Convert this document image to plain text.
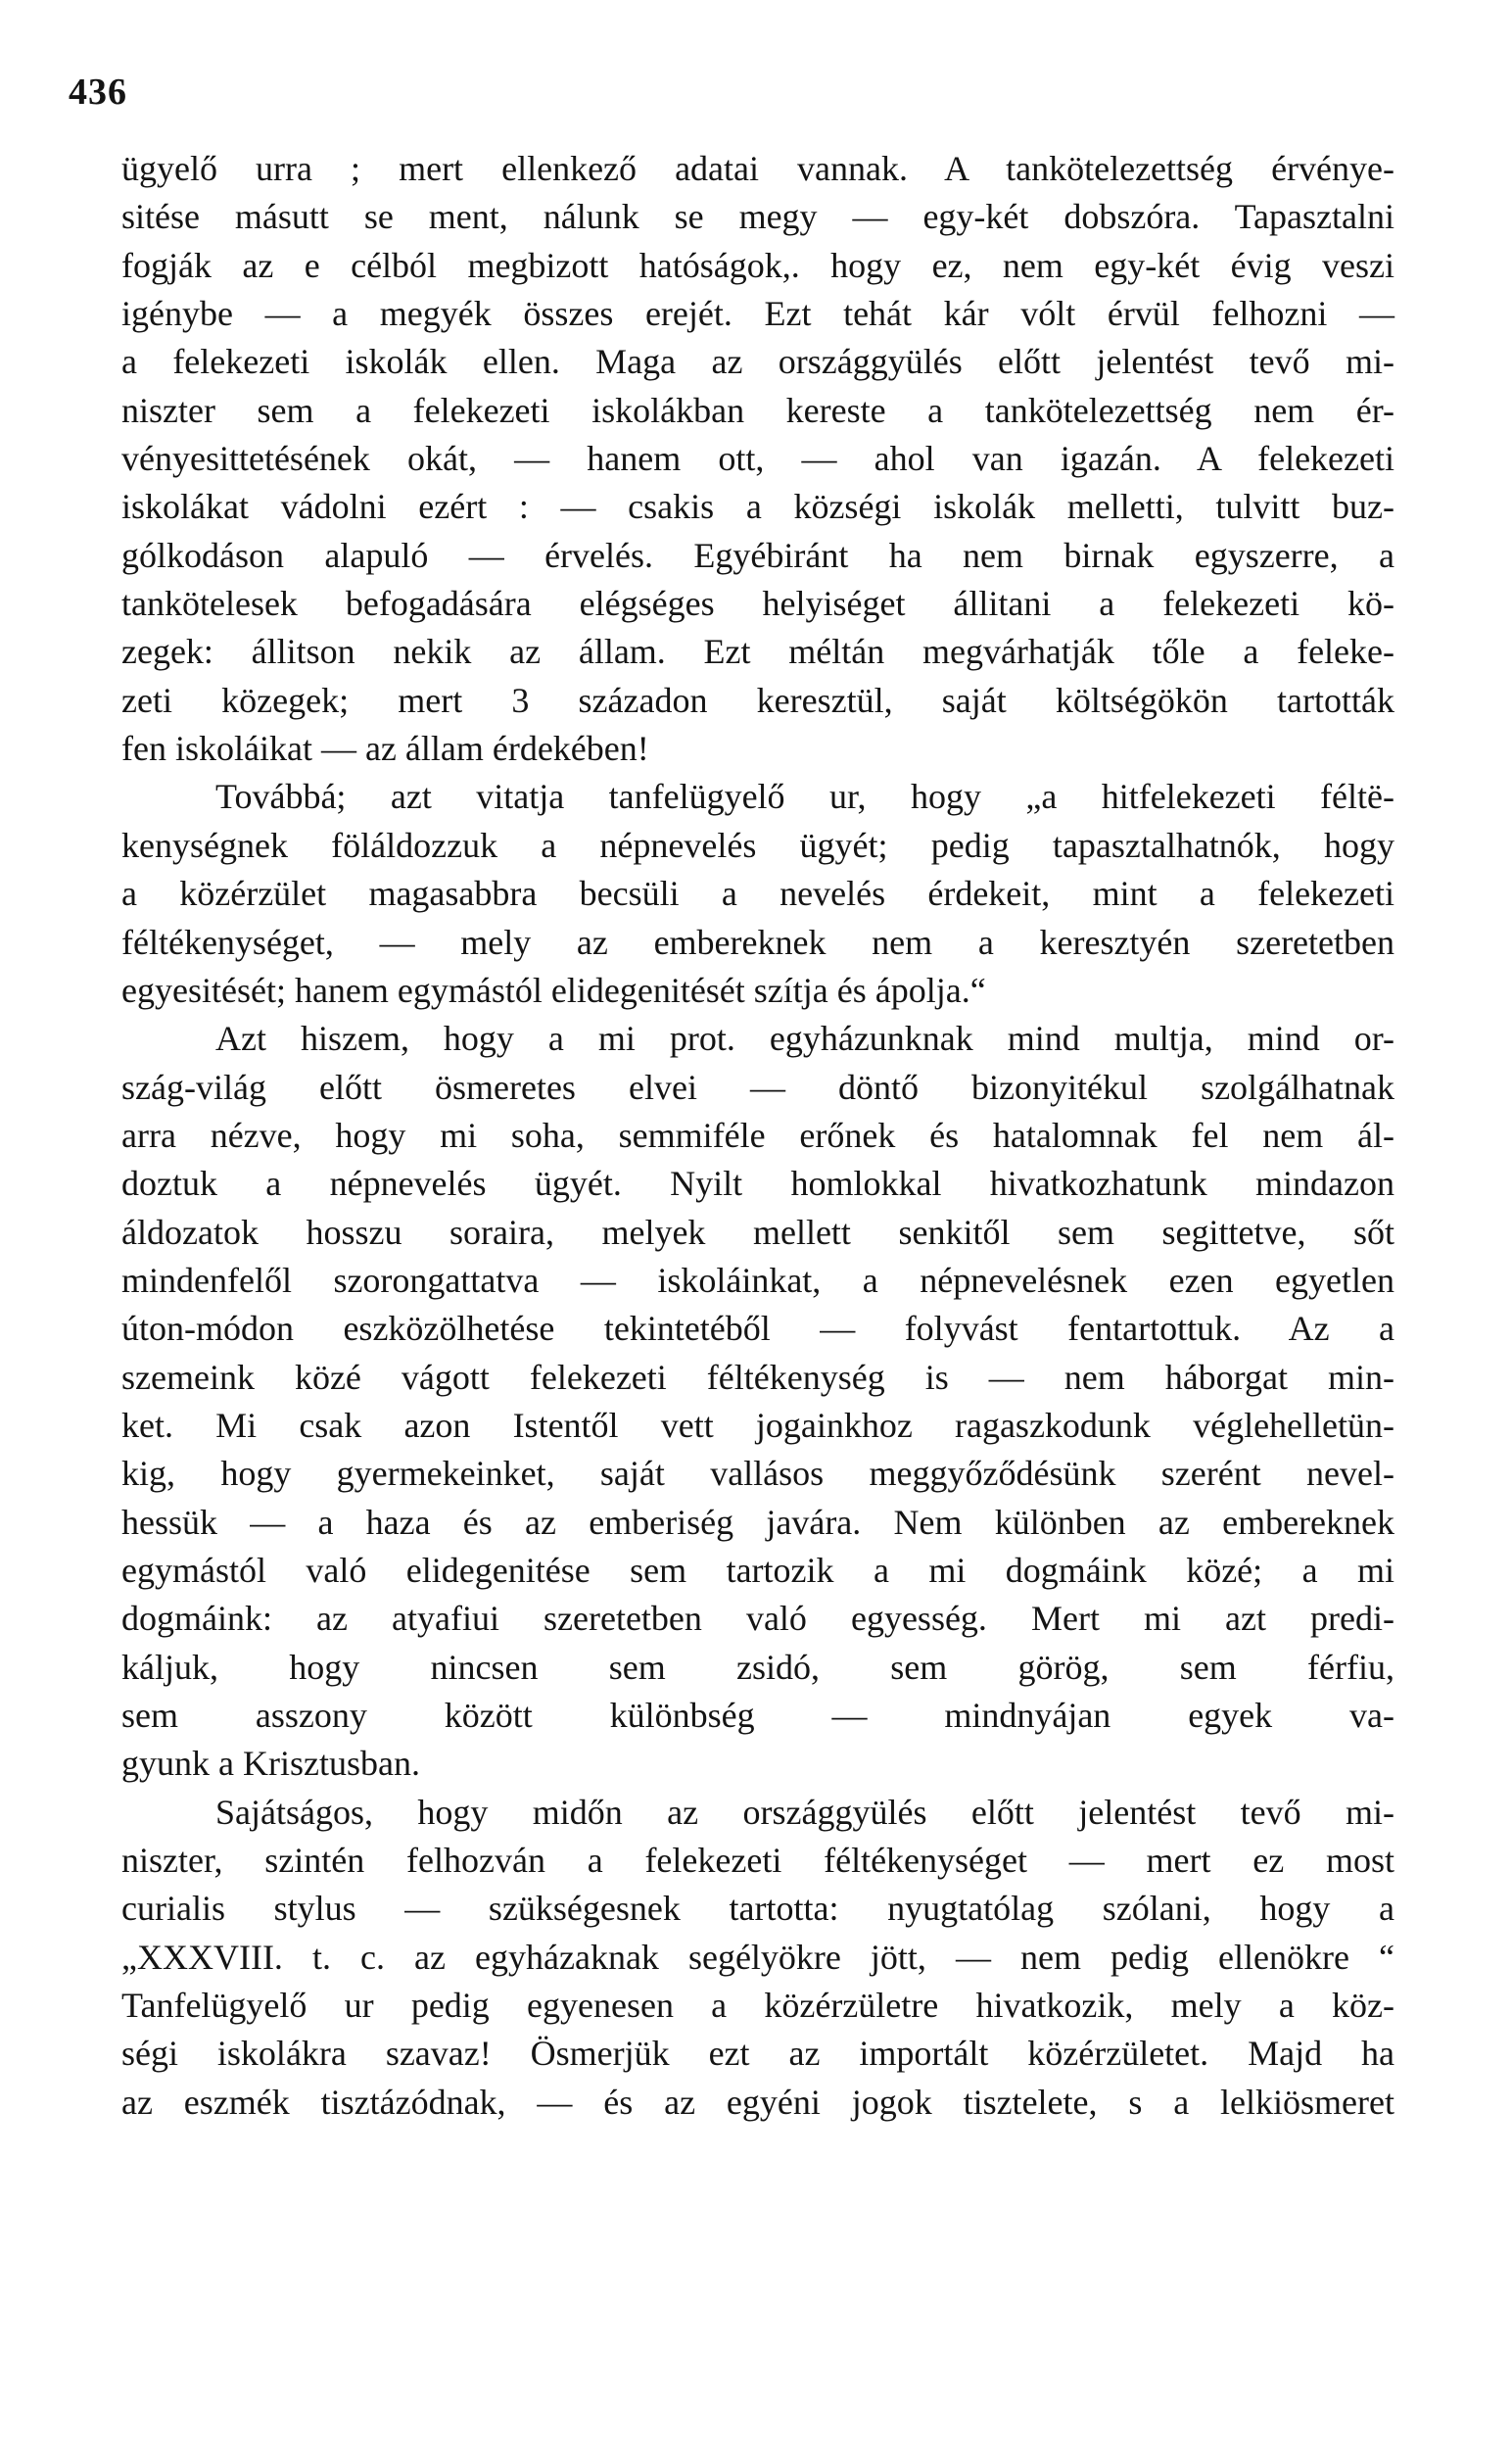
436
ügyelő urra ; mert ellenkező adatai vannak. A tankötelezettség érvénye-
sitése másutt se ment, nálunk se megy — egy-két dobszóra. Tapasztalni
fogják az e célból megbizott hatóságok,. hogy ez, nem egy-két évig veszi
igénybe — a megyék összes erejét. Ezt tehát kár vólt érvül felhozni —
a felekezeti iskolák ellen. Maga az országgyülés előtt jelentést tevő mi-
niszter sem a felekezeti iskolákban kereste a tankötelezettség nem ér-
vényesittetésének okát, — hanem ott, — ahol van igazán. A felekezeti
iskolákat vádolni ezért : — csakis a községi iskolák melletti, tulvitt buz-
gólkodáson alapuló — érvelés. Egyébiránt ha nem birnak egyszerre, a
tankötelesek befogadására elégséges helyiséget állitani a felekezeti kö-
zegek: állitson nekik az állam. Ezt méltán megvárhatják tőle a feleke-
zeti közegek; mert 3 századon keresztül, saját költségökön tartották
fen iskoláikat — az állam érdekében!
Továbbá; azt vitatja tanfelügyelő ur, hogy „a hitfelekezeti féltë-
kenységnek föláldozzuk a népnevelés ügyét; pedig tapasztalhatnók, hogy
a közérzület magasabbra becsüli a nevelés érdekeit, mint a felekezeti
féltékenységet, — mely az embereknek nem a keresztyén szeretetben
egyesitését; hanem egymástól elidegenitését szítja és ápolja.“
Azt hiszem, hogy a mi prot. egyházunknak mind multja, mind or-
szág-világ előtt ösmeretes elvei — döntő bizonyitékul szolgálhatnak
arra nézve, hogy mi soha, semmiféle erőnek és hatalomnak fel nem ál-
doztuk a népnevelés ügyét. Nyilt homlokkal hivatkozhatunk mindazon
áldozatok hosszu soraira, melyek mellett senkitől sem segittetve, sőt
mindenfelől szorongattatva — iskoláinkat, a népnevelésnek ezen egyetlen
úton-módon eszközölhetése tekintetéből — folyvást fentartottuk. Az a
szemeink közé vágott felekezeti féltékenység is — nem háborgat min-
ket. Mi csak azon Istentől vett jogainkhoz ragaszkodunk véglehelletün-
kig, hogy gyermekeinket, saját vallásos meggyőződésünk szerént nevel-
hessük — a haza és az emberiség javára. Nem különben az embereknek
egymástól való elidegenitése sem tartozik a mi dogmáink közé; a mi
dogmáink: az atyafiui szeretetben való egyesség. Mert mi azt predi-
káljuk, hogy nincsen sem zsidó, sem görög, sem férfiu,
sem asszony között különbség — mindnyájan egyek va-
gyunk a Krisztusban.
Sajátságos, hogy midőn az országgyülés előtt jelentést tevő mi-
niszter, szintén felhozván a felekezeti féltékenységet — mert ez most
curialis stylus — szükségesnek tartotta: nyugtatólag szólani, hogy a
„XXXVIII. t. c. az egyházaknak segélyökre jött, — nem pedig ellenökre “
Tanfelügyelő ur pedig egyenesen a közérzületre hivatkozik, mely a köz-
ségi iskolákra szavaz! Ösmerjük ezt az importált közérzületet. Majd ha
az eszmék tisztázódnak, — és az egyéni jogok tisztelete, s a lelkiösmeret
